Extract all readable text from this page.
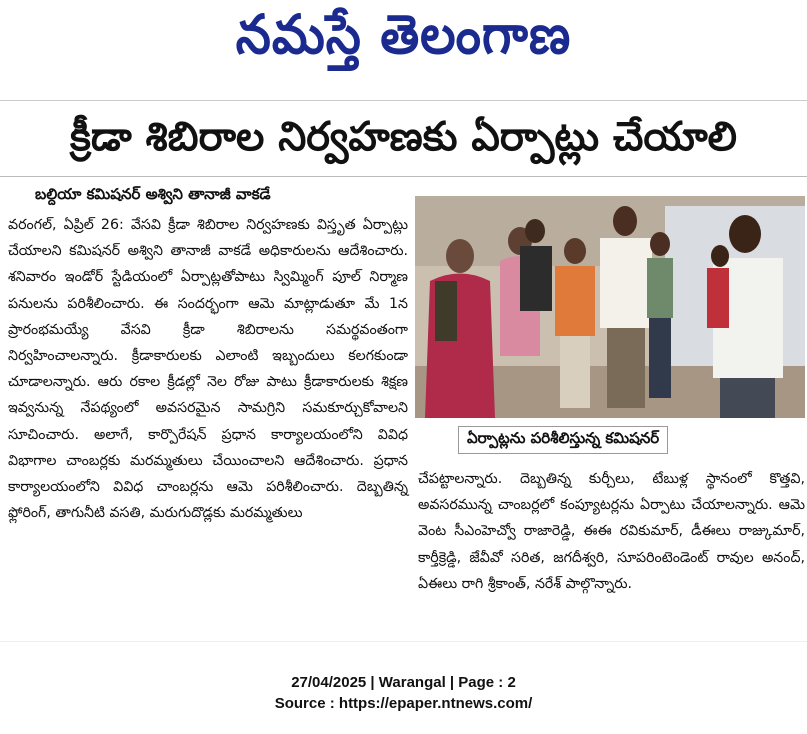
నమస్తే తెలంగాణ
క్రీడా శిబిరాల నిర్వహణకు ఏర్పాట్లు చేయాలి
బల్దియా కమిషనర్ అశ్విని తానాజీ వాకడే

వరంగల్, ఏప్రిల్ 26: వేసవి క్రీడా శిబిరాల నిర్వహణకు విస్తృత ఏర్పాట్లు చేయాలని కమిషనర్ అశ్విని తానాజీ వాకడే అధికారులను ఆదేశించారు. శనివారం ఇండోర్ స్టేడియంలో ఏర్పాట్లతోపాటు స్విమ్మింగ్ పూల్ నిర్మాణ పనులను పరిశీలించారు. ఈ సందర్భంగా ఆమె మాట్లాడుతూ మే 1న ప్రారంభమయ్యే వేసవి క్రీడా శిబిరాలను సమర్థవంతంగా నిర్వహించాలన్నారు. క్రీడాకారులకు ఎలాంటి ఇబ్బందులు కలగకుండా చూడాలన్నారు. ఆరు రకాల క్రీడల్లో నెల రోజు పాటు క్రీడాకారులకు శిక్షణ ఇవ్వనున్న నేపథ్యంలో అవసరమైన సామగ్రిని సమకూర్చుకోవాలని సూచించారు. అలాగే, కార్పొరేషన్ ప్రధాన కార్యాలయంలోని వివిధ విభాగాల చాంబర్లకు మరమ్మతులు చేయించాలని ఆదేశించారు. ప్రధాన కార్యాలయంలోని వివిధ చాంబర్లను ఆమె పరిశీలించారు. దెబ్బతిన్న ఫ్లోరింగ్, తాగునీటి వసతి, మరుగుదొడ్లకు మరమ్మతులు

ఏర్పాట్లను పరిశీలిస్తున్న కమిషనర్

చేపట్టాలన్నారు. దెబ్బతిన్న కుర్చీలు, టేబుళ్ల స్థానంలో కొత్తవి, అవసరమున్న చాంబర్లలో కంప్యూటర్లను ఏర్పాటు చేయాలన్నారు. ఆమె వెంట సీఎంహెచ్వో రాజారెడ్డి, ఈఈ రవికుమార్, డీఈలు రాజ్కుమార్, కార్తీక్రెడ్డి, జేవీవో సరిత, జగదీశ్వరి, సూపరింటెండెంట్ రావుల అనంద్, ఏఈలు రాగి శ్రీకాంత్, నరేశ్ పాల్గొన్నారు.

27/04/2025 | Warangal | Page : 2
Source : https://epaper.ntnews.com/
